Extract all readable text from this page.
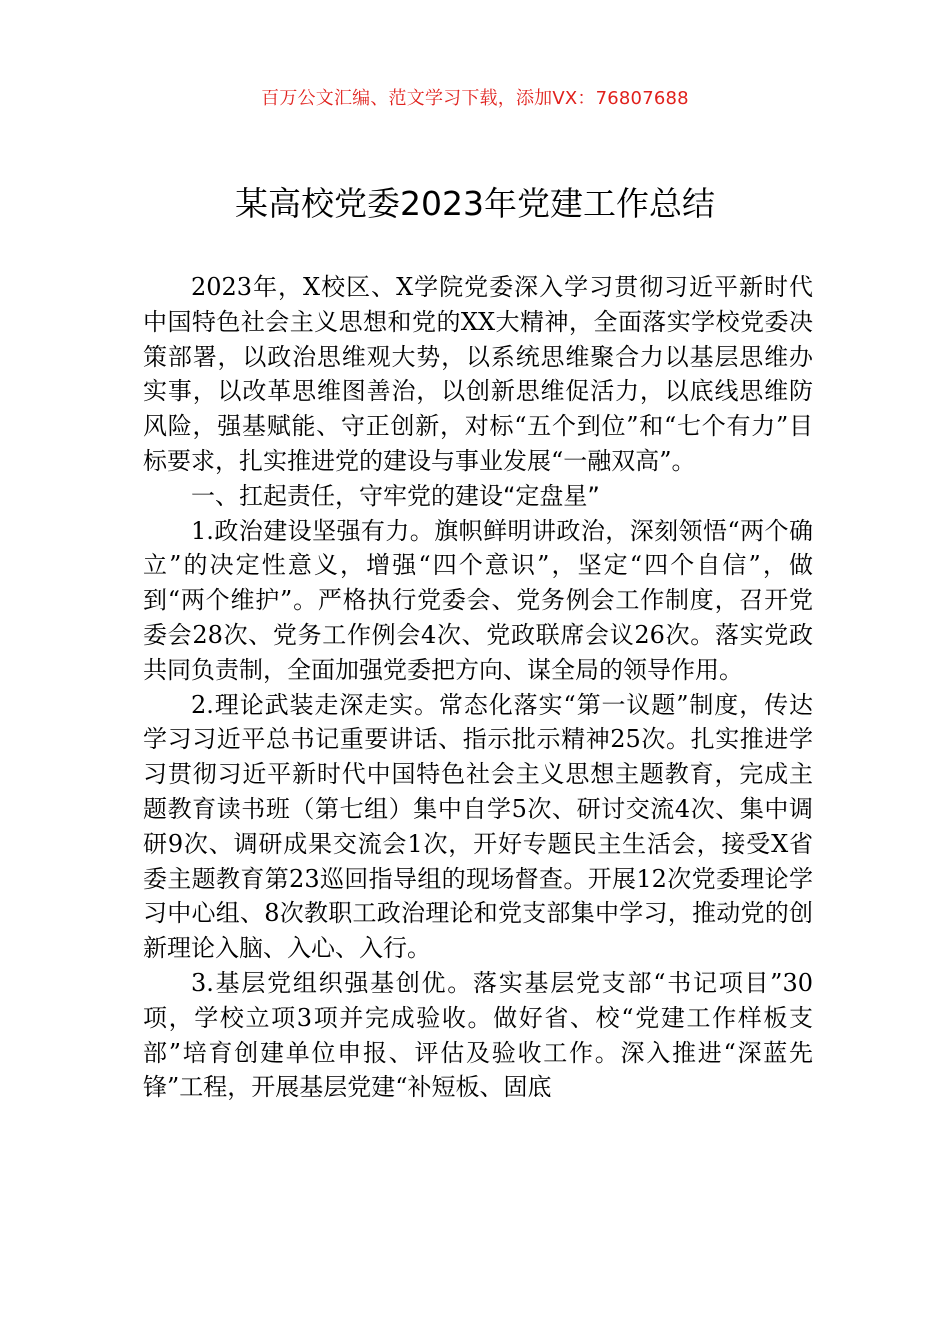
百万公文汇编、范文学习下载，添加VX：76807688
某高校党委2023年党建工作总结

2023年，X校区、X学院党委深入学习贯彻习近平新时代中国特色社会主义思想和党的XX大精神，全面落实学校党委决策部署，以政治思维观大势，以系统思维聚合力以基层思维办实事，以改革思维图善治，以创新思维促活力，以底线思维防风险，强基赋能、守正创新，对标“五个到位”和“七个有力”目标要求，扎实推进党的建设与事业发展“一融双高”。

一、扛起责任，守牢党的建设“定盘星”

1.政治建设坚强有力。旗帜鲜明讲政治，深刻领悟“两个确立”的决定性意义，增强“四个意识”，坚定“四个自信”，做到“两个维护”。严格执行党委会、党务例会工作制度，召开党委会28次、党务工作例会4次、党政联席会议26次。落实党政共同负责制，全面加强党委把方向、谋全局的领导作用。

2.理论武装走深走实。常态化落实“第一议题”制度，传达学习习近平总书记重要讲话、指示批示精神25次。扎实推进学习贯彻习近平新时代中国特色社会主义思想主题教育，完成主题教育读书班（第七组）集中自学5次、研讨交流4次、集中调研9次、调研成果交流会1次，开好专题民主生活会，接受X省委主题教育第23巡回指导组的现场督查。开展12次党委理论学习中心组、8次教职工政治理论和党支部集中学习，推动党的创新理论入脑、入心、入行。

3.基层党组织强基创优。落实基层党支部“书记项目”30项，学校立项3项并完成验收。做好省、校“党建工作样板支部”培育创建单位申报、评估及验收工作。深入推进“深蓝先锋”工程，开展基层党建“补短板、固底
